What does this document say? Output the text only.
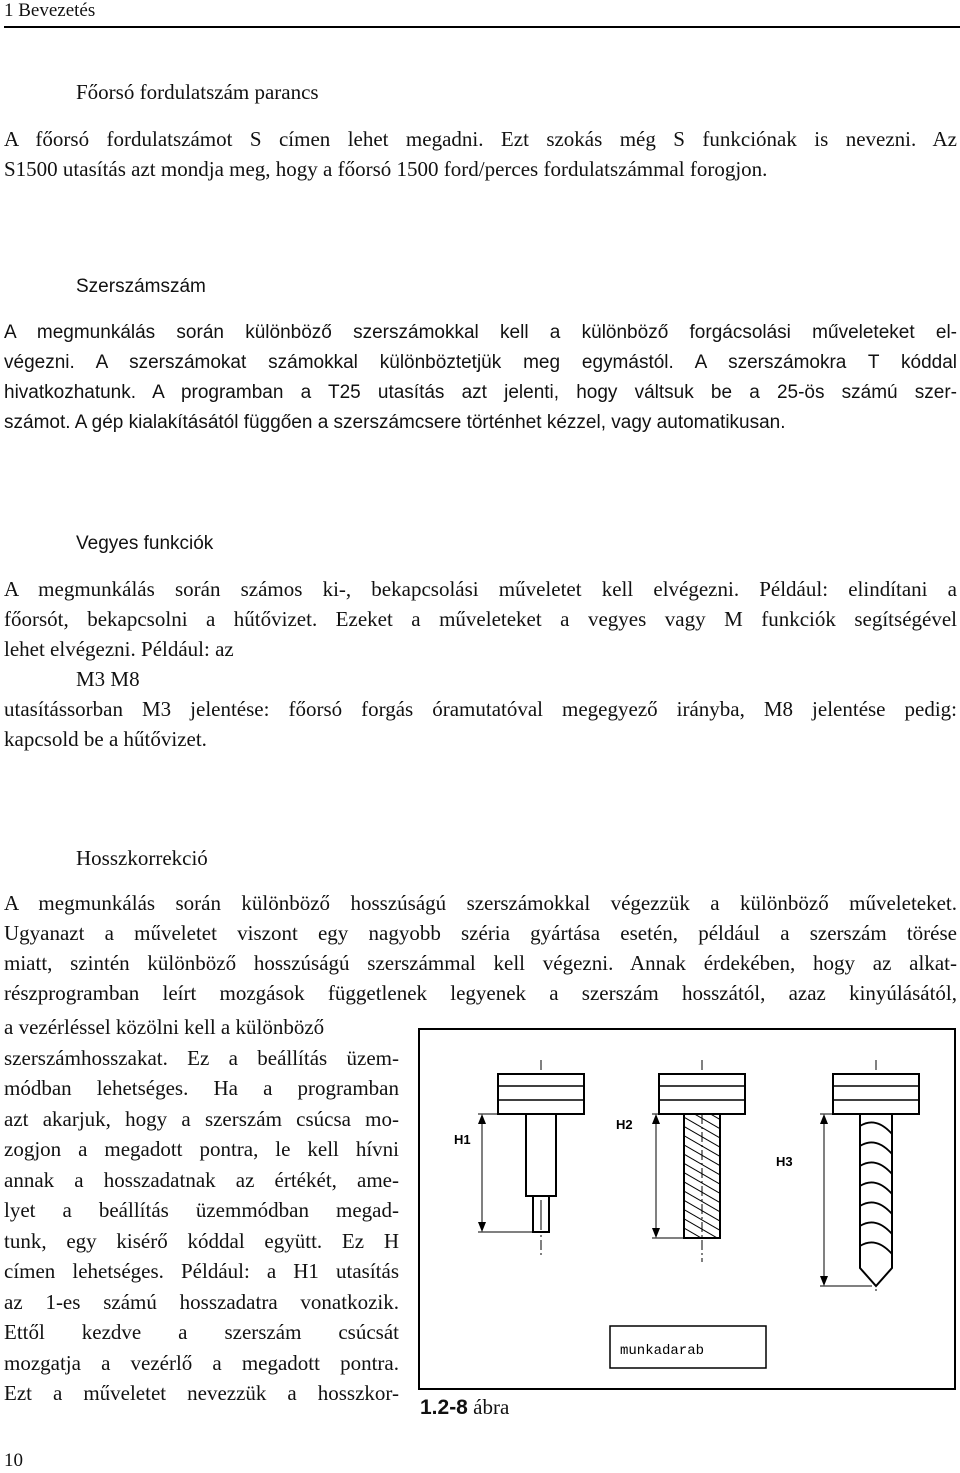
1 Bevezetés
Főorsó fordulatszám parancs
A főorsó fordulatszámot S címen lehet megadni. Ezt szokás még S funkciónak is nevezni. Az
S1500 utasítás azt mondja meg, hogy a főorsó 1500 ford/perces fordulatszámmal forogjon.
Szerszámszám
A megmunkálás során különböző szerszámokkal kell a különböző forgácsolási műveleteket el-
végezni. A szerszámokat számokkal különböztetjük meg egymástól. A szerszámokra T kóddal
hivatkozhatunk. A programban a T25 utasítás azt jelenti, hogy váltsuk be a 25-ös számú szer-
számot. A gép kialakításától függően a szerszámcsere történhet kézzel, vagy automatikusan.
Vegyes funkciók
A megmunkálás során számos ki-, bekapcsolási műveletet kell elvégezni. Például: elindítani a
főorsót, bekapcsolni a hűtővizet. Ezeket a műveleteket a vegyes vagy M funkciók segítségével
lehet elvégezni. Például: az
M3 M8
utasítássorban M3 jelentése: főorsó forgás óramutatóval megegyező irányba, M8 jelentése pedig:
kapcsold be a hűtővizet.
Hosszkorrekció
A megmunkálás során különböző hosszúságú szerszámokkal végezzük a különböző műveleteket.
Ugyanazt a műveletet viszont egy nagyobb széria gyártása esetén, például a szerszám törése
miatt, szintén különböző hosszúságú szerszámmal kell végezni. Annak érdekében, hogy az alkat-
részprogramban leírt mozgások függetlenek legyenek a szerszám hosszától, azaz kinyúlásától,
a vezérléssel közölni kell a különböző
szerszámhosszakat. Ez a beállítás üzem-
módban lehetséges. Ha a programban
azt akarjuk, hogy a szerszám csúcsa mo-
zogjon a megadott pontra, le kell hívni
annak a hosszadatnak az értékét, ame-
lyet a beállítás üzemmódban megad-
tunk, egy kisérő kóddal együtt. Ez H
címen lehetséges. Például: a H1 utasítás
az 1-es számú hosszadatra vonatkozik.
Ettől kezdve a szerszám csúcsát
mozgatja a vezérlő a megadott pontra.
Ezt a műveletet nevezzük a hosszkor-
H1
H2
H3
munkadarab
1.2-8 ábra
10
